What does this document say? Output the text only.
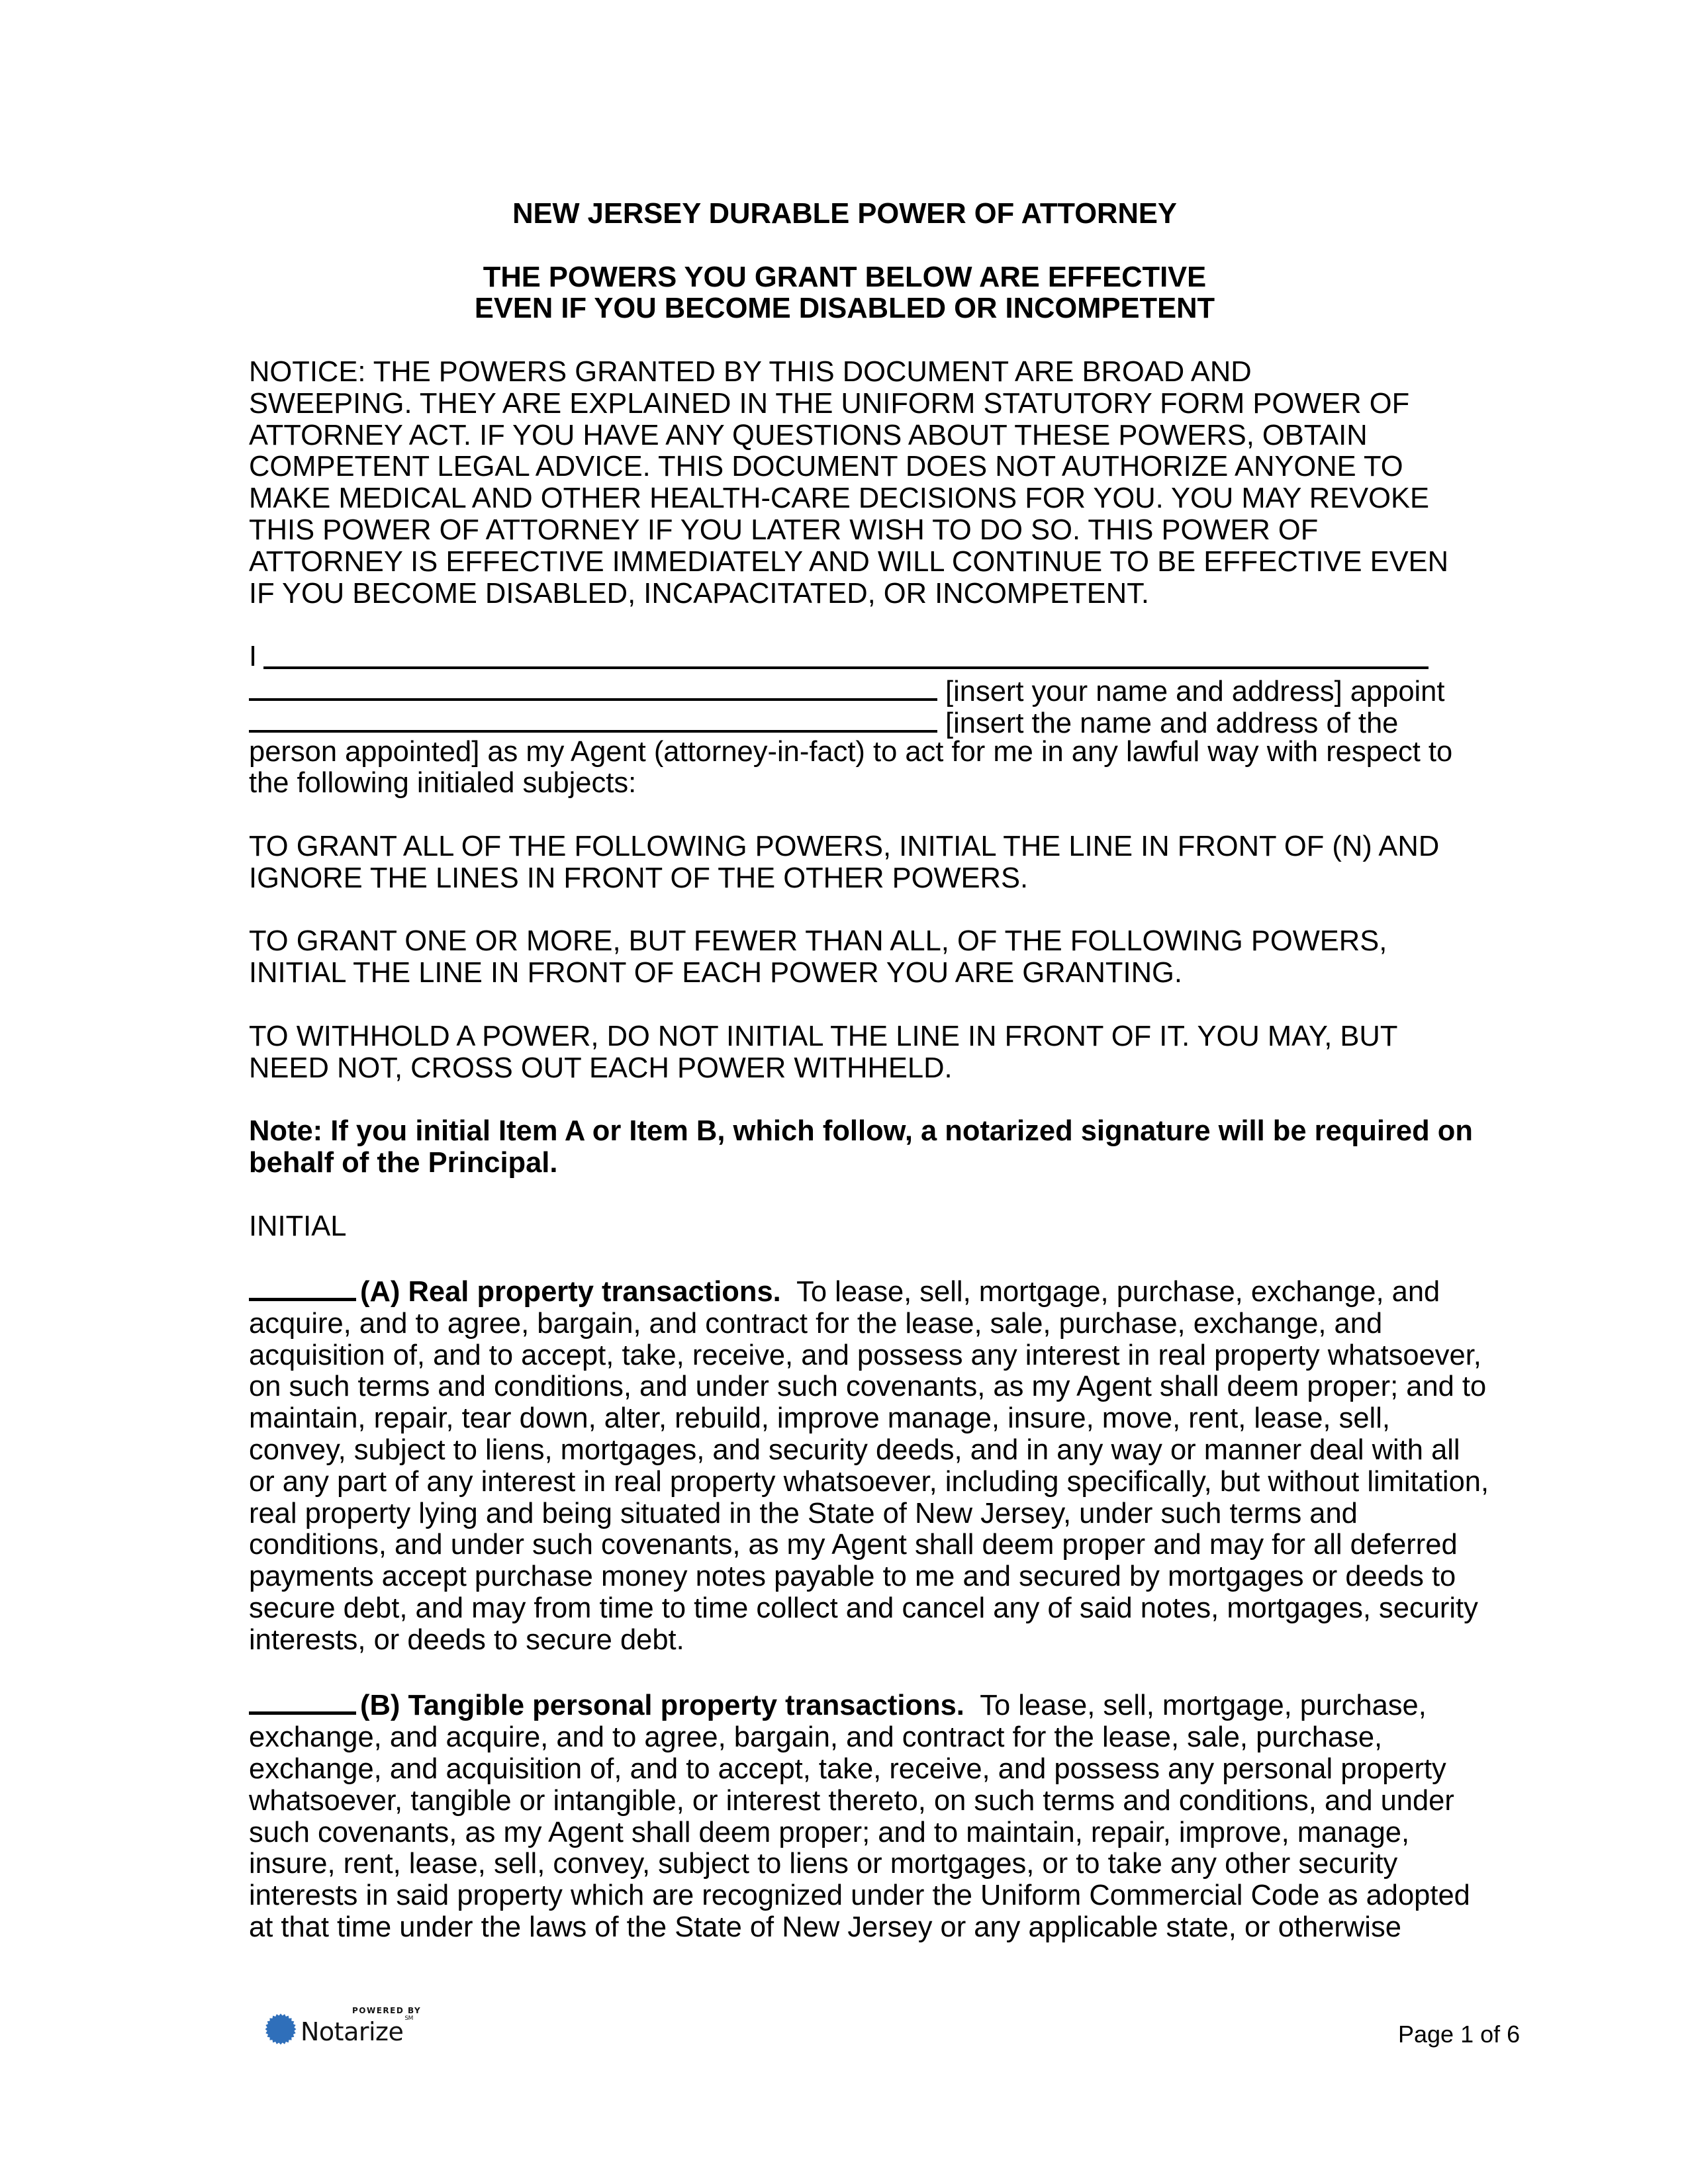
NEW JERSEY DURABLE POWER OF ATTORNEY
THE POWERS YOU GRANT BELOW ARE EFFECTIVE
EVEN IF YOU BECOME DISABLED OR INCOMPETENT

NOTICE: THE POWERS GRANTED BY THIS DOCUMENT ARE BROAD AND
SWEEPING. THEY ARE EXPLAINED IN THE UNIFORM STATUTORY FORM POWER OF
ATTORNEY ACT. IF YOU HAVE ANY QUESTIONS ABOUT THESE POWERS, OBTAIN
COMPETENT LEGAL ADVICE. THIS DOCUMENT DOES NOT AUTHORIZE ANYONE TO
MAKE MEDICAL AND OTHER HEALTH-CARE DECISIONS FOR YOU. YOU MAY REVOKE
THIS POWER OF ATTORNEY IF YOU LATER WISH TO DO SO. THIS POWER OF
ATTORNEY IS EFFECTIVE IMMEDIATELY AND WILL CONTINUE TO BE EFFECTIVE EVEN
IF YOU BECOME DISABLED, INCAPACITATED, OR INCOMPETENT.

I
[insert your name and address] appoint
[insert the name and address of the
person appointed] as my Agent (attorney-in-fact) to act for me in any lawful way with respect to
the following initialed subjects:

TO GRANT ALL OF THE FOLLOWING POWERS, INITIAL THE LINE IN FRONT OF (N) AND
IGNORE THE LINES IN FRONT OF THE OTHER POWERS.

TO GRANT ONE OR MORE, BUT FEWER THAN ALL, OF THE FOLLOWING POWERS,
INITIAL THE LINE IN FRONT OF EACH POWER YOU ARE GRANTING.

TO WITHHOLD A POWER, DO NOT INITIAL THE LINE IN FRONT OF IT. YOU MAY, BUT
NEED NOT, CROSS OUT EACH POWER WITHHELD.

Note: If you initial Item A or Item B, which follow, a notarized signature will be required on
behalf of the Principal.

INITIAL

(A) Real property transactions.  To lease, sell, mortgage, purchase, exchange, and
acquire, and to agree, bargain, and contract for the lease, sale, purchase, exchange, and
acquisition of, and to accept, take, receive, and possess any interest in real property whatsoever,
on such terms and conditions, and under such covenants, as my Agent shall deem proper; and to
maintain, repair, tear down, alter, rebuild, improve manage, insure, move, rent, lease, sell,
convey, subject to liens, mortgages, and security deeds, and in any way or manner deal with all
or any part of any interest in real property whatsoever, including specifically, but without limitation,
real property lying and being situated in the State of New Jersey, under such terms and
conditions, and under such covenants, as my Agent shall deem proper and may for all deferred
payments accept purchase money notes payable to me and secured by mortgages or deeds to
secure debt, and may from time to time collect and cancel any of said notes, mortgages, security
interests, or deeds to secure debt.

(B) Tangible personal property transactions.  To lease, sell, mortgage, purchase,
exchange, and acquire, and to agree, bargain, and contract for the lease, sale, purchase,
exchange, and acquisition of, and to accept, take, receive, and possess any personal property
whatsoever, tangible or intangible, or interest thereto, on such terms and conditions, and under
such covenants, as my Agent shall deem proper; and to maintain, repair, improve, manage,
insure, rent, lease, sell, convey, subject to liens or mortgages, or to take any other security
interests in said property which are recognized under the Uniform Commercial Code as adopted
at that time under the laws of the State of New Jersey or any applicable state, or otherwise

POWERED BY
Notarize ℠
Page 1 of 6
